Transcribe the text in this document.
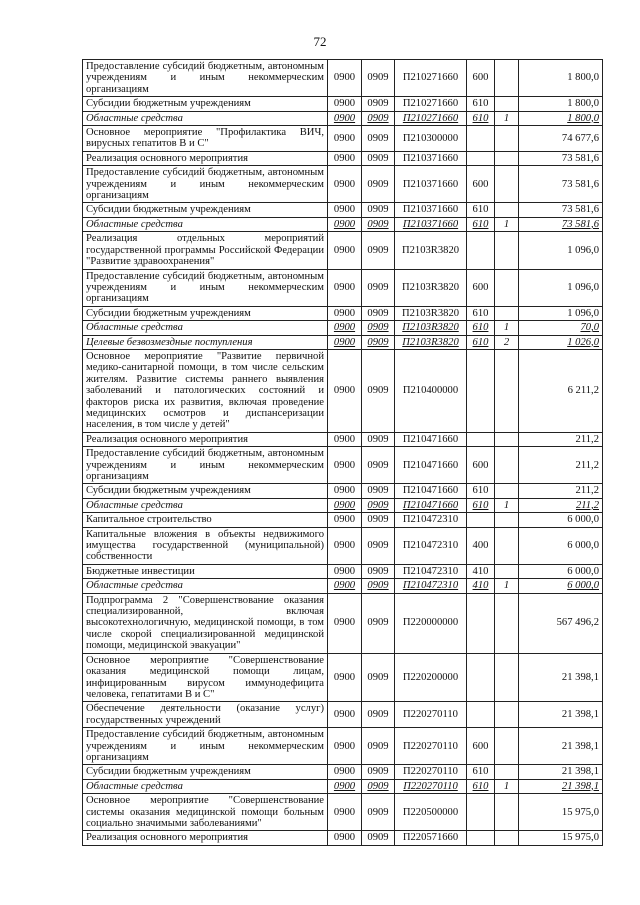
72
Предоставление субсидий бюджетным, автономным учреждениям и иным некоммерческим организациям	0900	0909	П210271660	600		1 800,0
Субсидии бюджетным учреждениям	0900	0909	П210271660	610		1 800,0
Областные средства	0900	0909	П210271660	610	1	1 800,0
Основное мероприятие "Профилактика ВИЧ, вирусных гепатитов В и С"	0900	0909	П210300000			74 677,6
Реализация основного мероприятия	0900	0909	П210371660			73 581,6
Предоставление субсидий бюджетным, автономным учреждениям и иным некоммерческим организациям	0900	0909	П210371660	600		73 581,6
Субсидии бюджетным учреждениям	0900	0909	П210371660	610		73 581,6
Областные средства	0900	0909	П210371660	610	1	73 581,6
Реализация отдельных мероприятий государственной программы Российской Федерации "Развитие здравоохранения"	0900	0909	П2103R3820			1 096,0
Предоставление субсидий бюджетным, автономным учреждениям и иным некоммерческим организациям	0900	0909	П2103R3820	600		1 096,0
Субсидии бюджетным учреждениям	0900	0909	П2103R3820	610		1 096,0
Областные средства	0900	0909	П2103R3820	610	1	70,0
Целевые безвозмездные поступления	0900	0909	П2103R3820	610	2	1 026,0
Основное мероприятие "Развитие первичной медико-санитарной помощи, в том числе сельским жителям. Развитие системы раннего выявления заболеваний и патологических состояний и факторов риска их развития, включая проведение медицинских осмотров и диспансеризации населения, в том числе у детей"	0900	0909	П210400000			6 211,2
Реализация основного мероприятия	0900	0909	П210471660			211,2
Предоставление субсидий бюджетным, автономным учреждениям и иным некоммерческим организациям	0900	0909	П210471660	600		211,2
Субсидии бюджетным учреждениям	0900	0909	П210471660	610		211,2
Областные средства	0900	0909	П210471660	610	1	211,2
Капитальное строительство	0900	0909	П210472310			6 000,0
Капитальные вложения в объекты недвижимого имущества государственной (муниципальной) собственности	0900	0909	П210472310	400		6 000,0
Бюджетные инвестиции	0900	0909	П210472310	410		6 000,0
Областные средства	0900	0909	П210472310	410	1	6 000,0
Подпрограмма 2 "Совершенствование оказания специализированной, включая высокотехнологичную, медицинской помощи, в том числе скорой специализированной медицинской помощи, медицинской эвакуации"	0900	0909	П220000000			567 496,2
Основное мероприятие "Совершенствование оказания медицинской помощи лицам, инфицированным вирусом иммунодефицита человека, гепатитами В и С"	0900	0909	П220200000			21 398,1
Обеспечение деятельности (оказание услуг) государственных учреждений	0900	0909	П220270110			21 398,1
Предоставление субсидий бюджетным, автономным учреждениям и иным некоммерческим организациям	0900	0909	П220270110	600		21 398,1
Субсидии бюджетным учреждениям	0900	0909	П220270110	610		21 398,1
Областные средства	0900	0909	П220270110	610	1	21 398,1
Основное мероприятие "Совершенствование системы оказания медицинской помощи больным социально значимыми заболеваниями"	0900	0909	П220500000			15 975,0
Реализация основного мероприятия	0900	0909	П220571660			15 975,0
